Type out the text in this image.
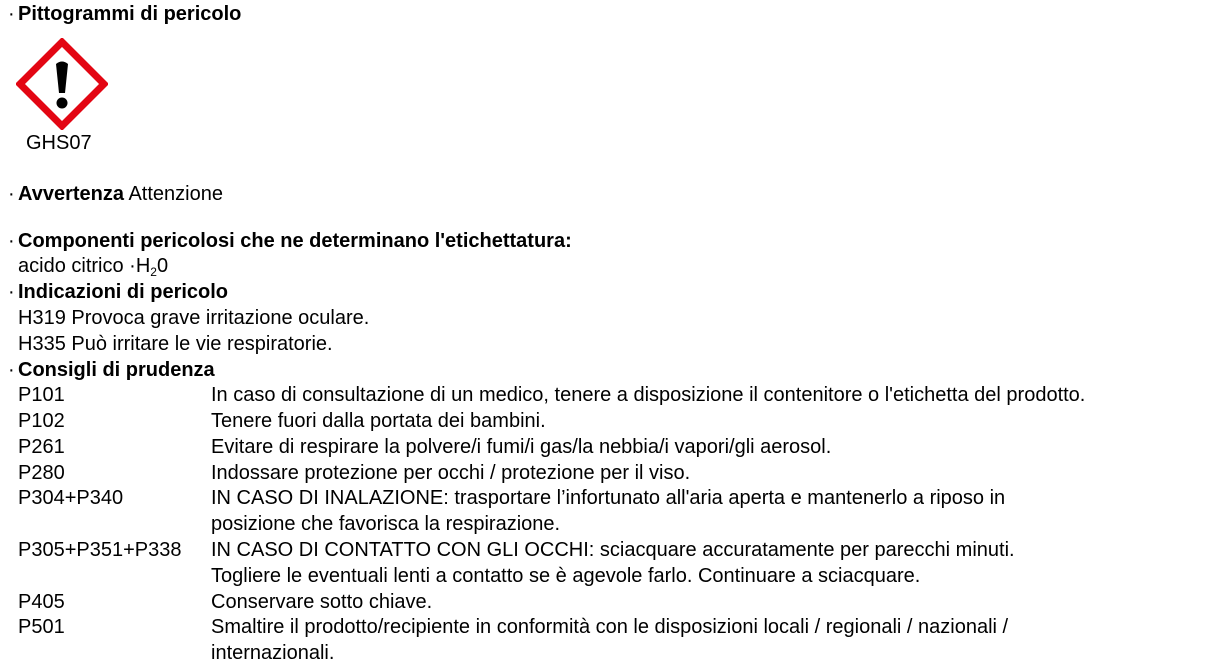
· Pittogrammi di pericolo
GHS07
· Avvertenza Attenzione
· Componenti pericolosi che ne determinano l'etichettatura:
acido citrico $\cdot H_20$
· Indicazioni di pericolo
H319 Provoca grave irritazione oculare.
H335 Può irritare le vie respiratorie.
· Consigli di prudenza
P101	In caso di consultazione di un medico, tenere a disposizione il contenitore o l'etichetta del prodotto.
P102	Tenere fuori dalla portata dei bambini.
P261	Evitare di respirare la polvere/i fumi/i gas/la nebbia/i vapori/gli aerosol.
P280	Indossare protezione per occhi / protezione per il viso.
P304+P340	IN CASO DI INALAZIONE: trasportare l’infortunato all'aria aperta e mantenerlo a riposo in
posizione che favorisca la respirazione.
P305+P351+P338 IN CASO DI CONTATTO CON GLI OCCHI: sciacquare accuratamente per parecchi minuti.
Togliere le eventuali lenti a contatto se è agevole farlo. Continuare a sciacquare.
P405	Conservare sotto chiave.
P501	Smaltire il prodotto/recipiente in conformità con le disposizioni locali / regionali / nazionali /
internazionali.
